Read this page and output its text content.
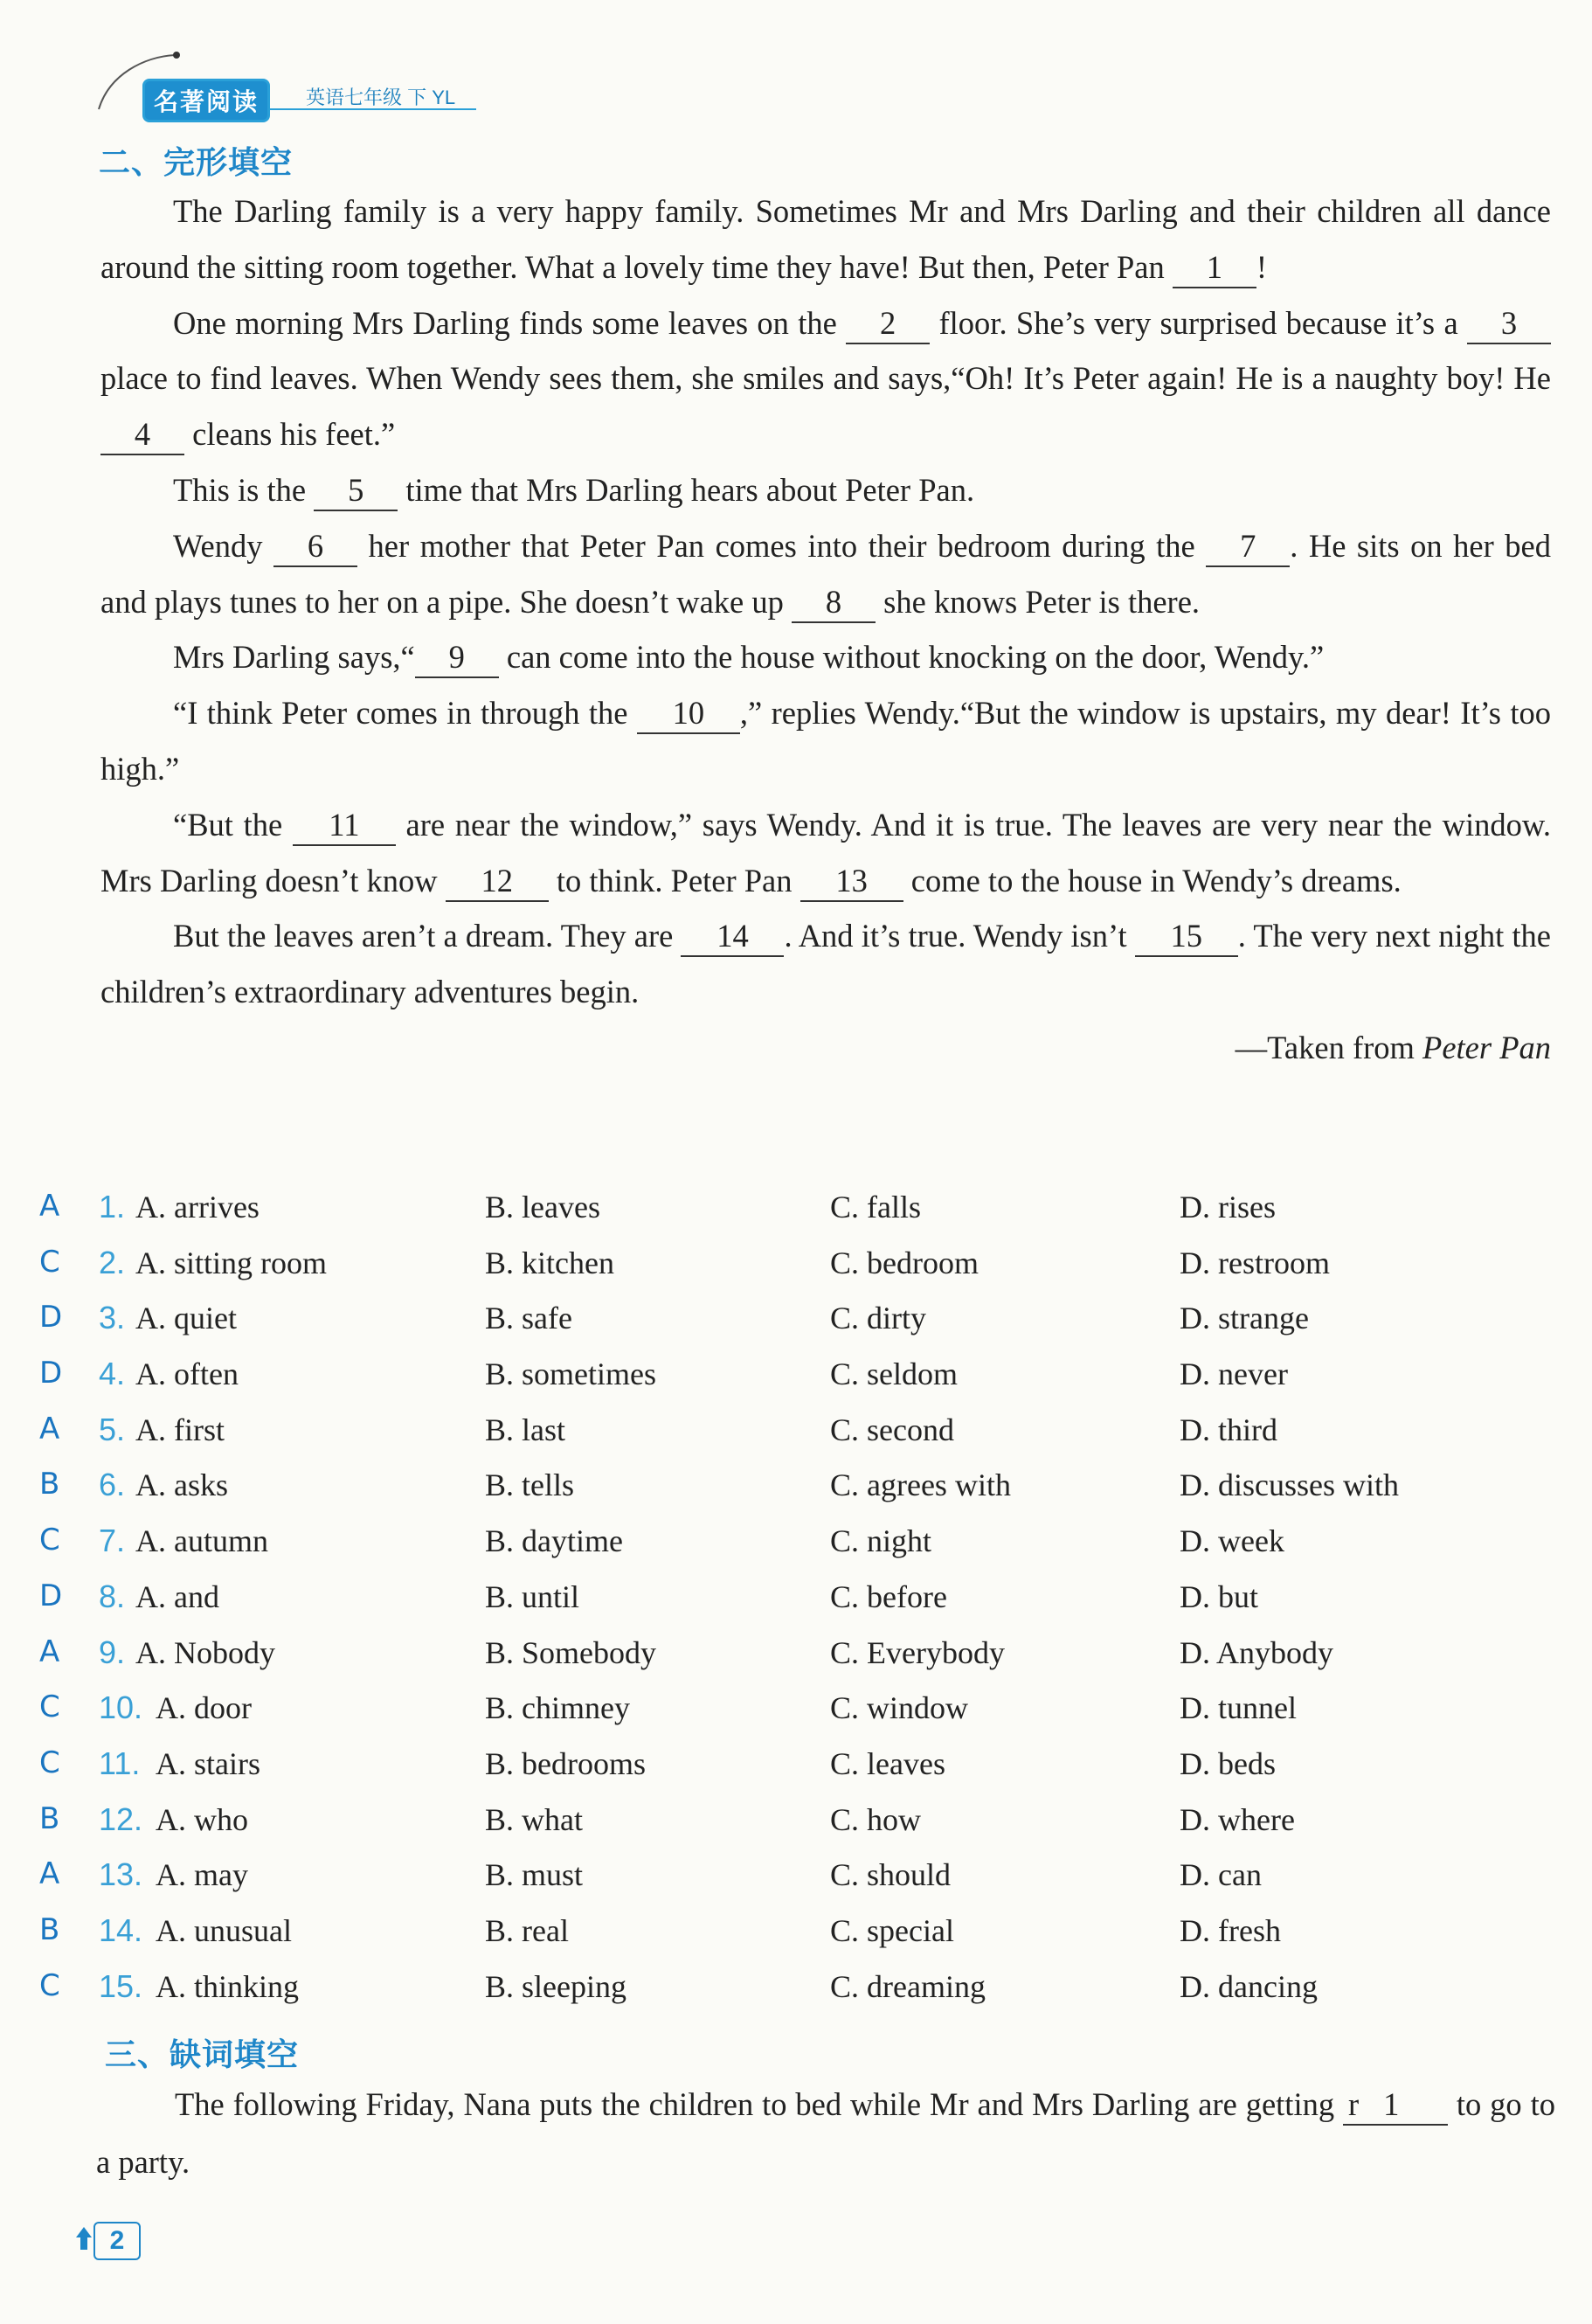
名著阅读	英语七年级 下 YL
二、完形填空

The Darling family is a very happy family. Sometimes Mr and Mrs Darling and their children all dance around the sitting room together. What a lovely time they have! But then, Peter Pan 1 !

One morning Mrs Darling finds some leaves on the 2 floor. She’s very surprised because it’s a 3 place to find leaves. When Wendy sees them, she smiles and says,“Oh! It’s Peter again! He is a naughty boy! He 4 cleans his feet.”

This is the 5 time that Mrs Darling hears about Peter Pan.

Wendy 6 her mother that Peter Pan comes into their bedroom during the 7 . He sits on her bed and plays tunes to her on a pipe. She doesn’t wake up 8 she knows Peter is there.

Mrs Darling says,“ 9 can come into the house without knocking on the door, Wendy.”

“I think Peter comes in through the 10 ,” replies Wendy.“But the window is upstairs, my dear! It’s too high.”

“But the 11 are near the window,” says Wendy. And it is true. The leaves are very near the window. Mrs Darling doesn’t know 12 to think. Peter Pan 13 come to the house in Wendy’s dreams.

But the leaves aren’t a dream. They are 14 . And it’s true. Wendy isn’t 15 . The very next night the children’s extraordinary adventures begin.

—Taken from Peter Pan
A 1. A. arrives	B. leaves	C. falls	D. rises
C 2. A. sitting room	B. kitchen	C. bedroom	D. restroom
D 3. A. quiet	B. safe	C. dirty	D. strange
D 4. A. often	B. sometimes	C. seldom	D. never
A 5. A. first	B. last	C. second	D. third
B 6. A. asks	B. tells	C. agrees with	D. discusses with
C 7. A. autumn	B. daytime	C. night	D. week
D 8. A. and	B. until	C. before	D. but
A 9. A. Nobody	B. Somebody	C. Everybody	D. Anybody
C 10. A. door	B. chimney	C. window	D. tunnel
C 11. A. stairs	B. bedrooms	C. leaves	D. beds
B 12. A. who	B. what	C. how	D. where
A 13. A. may	B. must	C. should	D. can
B 14. A. unusual	B. real	C. special	D. fresh
C 15. A. thinking	B. sleeping	C. dreaming	D. dancing
三、缺词填空

The following Friday, Nana puts the children to bed while Mr and Mrs Darling are getting r 1 to go to a party.

2
